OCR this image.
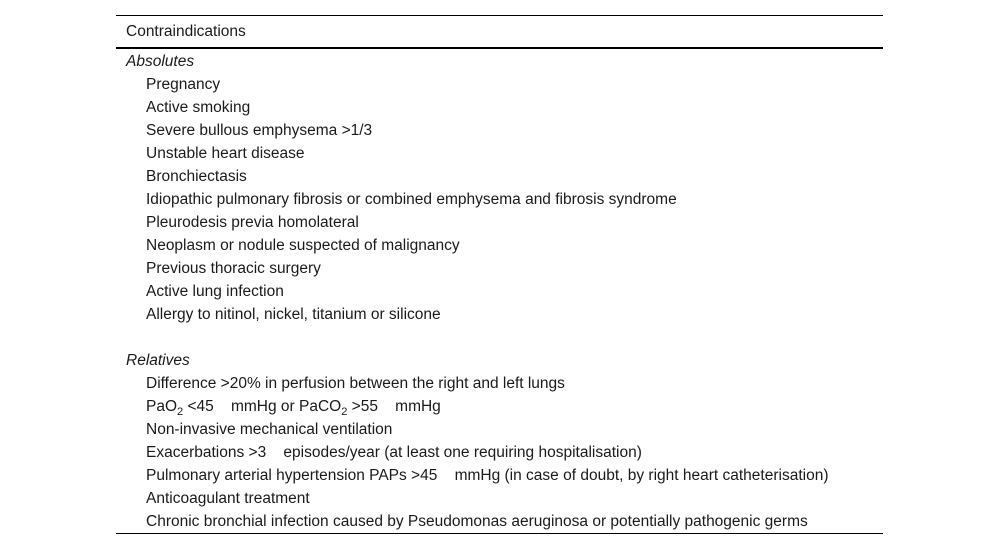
Contraindications
Absolutes
Pregnancy
Active smoking
Severe bullous emphysema >1/3
Unstable heart disease
Bronchiectasis
Idiopathic pulmonary fibrosis or combined emphysema and fibrosis syndrome
Pleurodesis previa homolateral
Neoplasm or nodule suspected of malignancy
Previous thoracic surgery
Active lung infection
Allergy to nitinol, nickel, titanium or silicone
Relatives
Difference >20% in perfusion between the right and left lungs
PaO$_2$ <45    mmHg or PaCO$_2$ >55    mmHg
Non-invasive mechanical ventilation
Exacerbations >3    episodes/year (at least one requiring hospitalisation)
Pulmonary arterial hypertension PAPs >45    mmHg (in case of doubt, by right heart catheterisation)
Anticoagulant treatment
Chronic bronchial infection caused by Pseudomonas aeruginosa or potentially pathogenic germs
